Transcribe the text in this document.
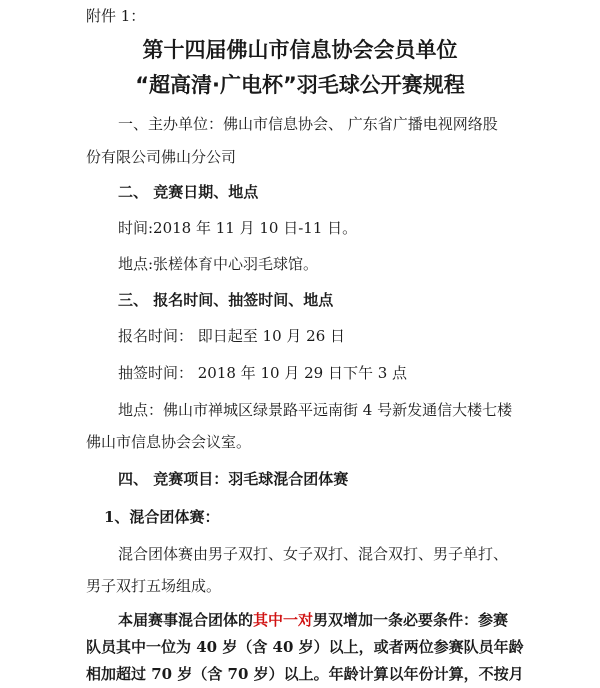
附件 1：
第十四届佛山市信息协会会员单位
“超高清·广电杯”羽毛球公开赛规程
一、主办单位：佛山市信息协会、 广东省广播电视网络股
份有限公司佛山分公司
二、 竞赛日期、地点
时间:2018 年 11 月 10 日-11 日。
地点:张槎体育中心羽毛球馆。
三、 报名时间、抽签时间、地点
报名时间： 即日起至 10 月 26 日
抽签时间： 2018 年 10 月 29 日下午 3 点
地点：佛山市禅城区绿景路平远南街 4 号新发通信大楼七楼
佛山市信息协会会议室。
四、 竞赛项目：羽毛球混合团体赛
1、混合团体赛：
混合团体赛由男子双打、女子双打、混合双打、男子单打、
男子双打五场组成。
本届赛事混合团体的其中一对男双增加一条必要条件：参赛
队员其中一位为 40 岁（含 40 岁）以上，或者两位参赛队员年龄
相加超过 70 岁（含 70 岁）以上。年龄计算以年份计算，不按月
